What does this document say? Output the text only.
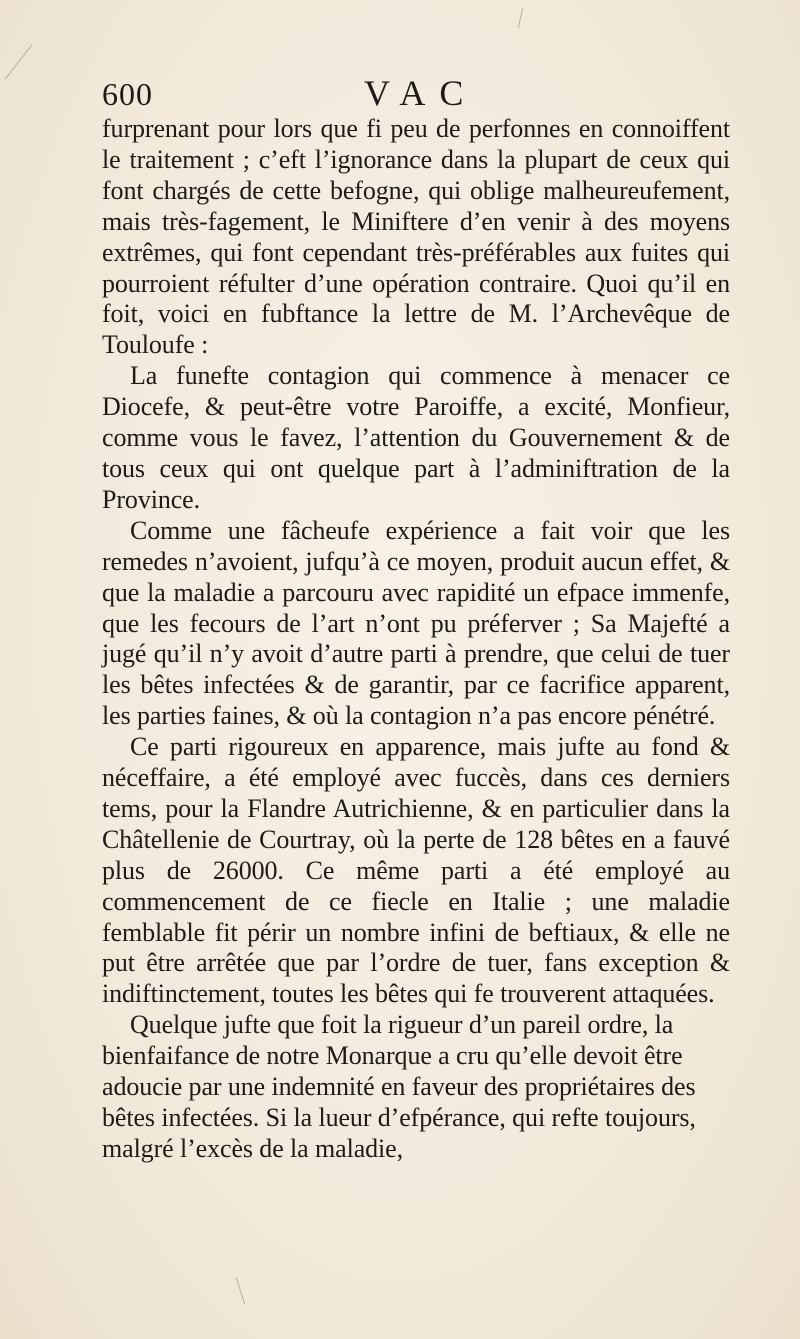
600	VAC

furprenant pour lors que fi peu de perfonnes en connoiffent le traitement ; c’eft l’ignorance dans la plupart de ceux qui font chargés de cette befogne, qui oblige malheureufement, mais très-fagement, le Miniftere d’en venir à des moyens extrêmes, qui font cependant très-préférables aux fuites qui pourroient réfulter d’une opération contraire. Quoi qu’il en foit, voici en fubftance la lettre de M. l’Archevêque de Touloufe :

La funefte contagion qui commence à menacer ce Diocefe, & peut-être votre Paroiffe, a excité, Monfieur, comme vous le favez, l’attention du Gouvernement & de tous ceux qui ont quelque part à l’adminiftration de la Province.

Comme une fâcheufe expérience a fait voir que les remedes n’avoient, jufqu’à ce moyen, produit aucun effet, & que la maladie a parcouru avec rapidité un efpace immenfe, que les fecours de l’art n’ont pu préferver ; Sa Majefté a jugé qu’il n’y avoit d’autre parti à prendre, que celui de tuer les bêtes infectées & de garantir, par ce facrifice apparent, les parties faines, & où la contagion n’a pas encore pénétré.

Ce parti rigoureux en apparence, mais jufte au fond & néceffaire, a été employé avec fuccès, dans ces derniers tems, pour la Flandre Autrichienne, & en particulier dans la Châtellenie de Courtray, où la perte de 128 bêtes en a fauvé plus de 26000. Ce même parti a été employé au commencement de ce fiecle en Italie ; une maladie femblable fit périr un nombre infini de beftiaux, & elle ne put être arrêtée que par l’ordre de tuer, fans exception & indiftinctement, toutes les bêtes qui fe trouverent attaquées.

Quelque jufte que foit la rigueur d’un pareil ordre, la bienfaifance de notre Monarque a cru qu’elle devoit être adoucie par une indemnité en faveur des propriétaires des bêtes infectées. Si la lueur d’efpérance, qui refte toujours, malgré l’excès de la maladie,
